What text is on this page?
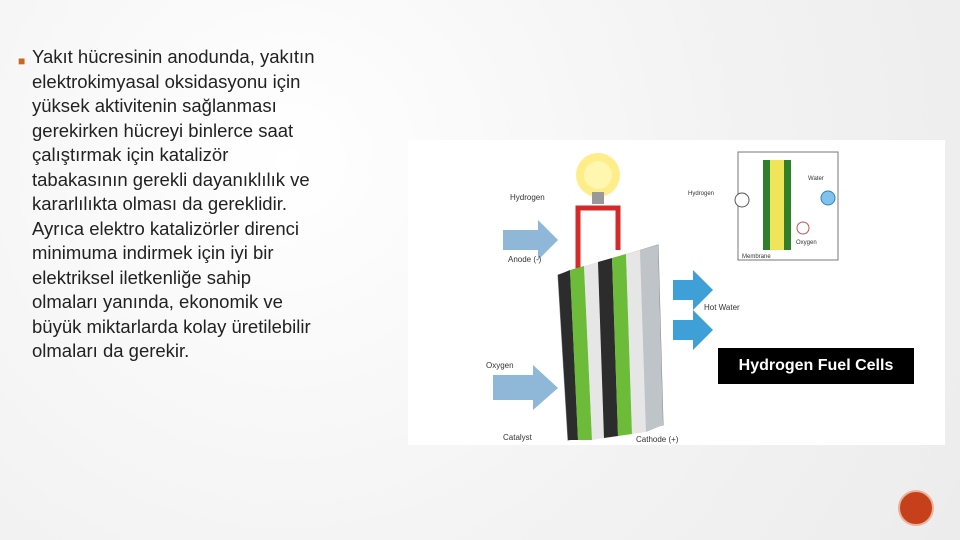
■ Yakıt hücresinin anodunda, yakıtın
elektrokimyasal oksidasyonu için
yüksek aktivitenin sağlanması
gerekirken hücreyi binlerce saat
çalıştırmak için katalizör
tabakasının gerekli dayanıklılık ve
kararlılıkta olması da gereklidir.
Ayrıca elektro katalizörler direnci
minimuma indirmek için iyi bir
elektriksel iletkenliğe sahip
olmaları yanında, ekonomik ve
büyük miktarlarda kolay üretilebilir
olmaları da gerekir.
Hydrogen
Anode (-)
Oxygen
Catalyst	Cathode (+)
Hot Water
Hydrogen
Water
Oxygen
Membrane
Hydrogen Fuel Cells
